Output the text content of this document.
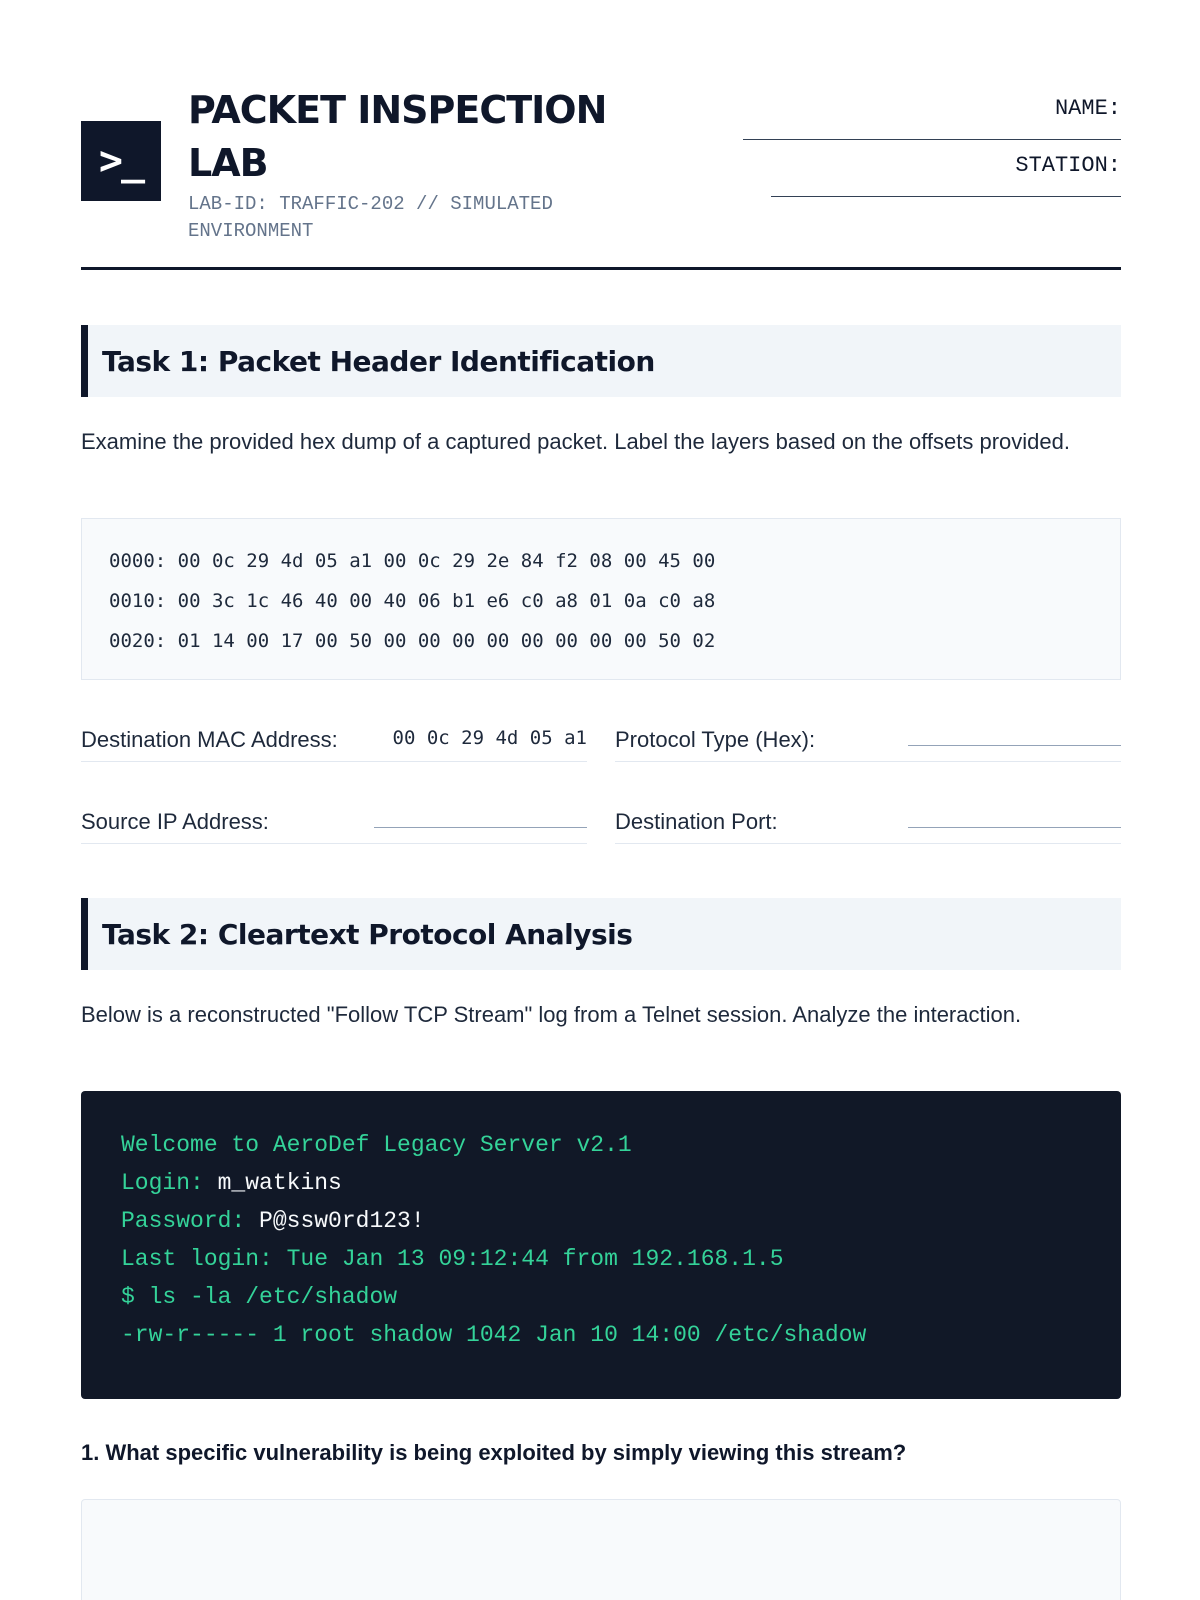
>_
PACKET INSPECTION LAB
LAB-ID: TRAFFIC-202 // SIMULATED ENVIRONMENT
NAME:
STATION:
Task 1: Packet Header Identification
Examine the provided hex dump of a captured packet. Label the layers based on the offsets provided.
0000: 00 0c 29 4d 05 a1 00 0c 29 2e 84 f2 08 00 45 00
0010: 00 3c 1c 46 40 00 40 06 b1 e6 c0 a8 01 0a c0 a8
0020: 01 14 00 17 00 50 00 00 00 00 00 00 00 00 50 02
Destination MAC Address:	00 0c 29 4d 05 a1 Protocol Type (Hex):
Source IP Address:	Destination Port:
Task 2: Cleartext Protocol Analysis
Below is a reconstructed "Follow TCP Stream" log from a Telnet session. Analyze the interaction.
Welcome to AeroDef Legacy Server v2.1
Login: m_watkins
Password: P@ssw0rd123!
Last login: Tue Jan 13 09:12:44 from 192.168.1.5
$ ls -la /etc/shadow
-rw-r----- 1 root shadow 1042 Jan 10 14:00 /etc/shadow
1. What specific vulnerability is being exploited by simply viewing this stream?
